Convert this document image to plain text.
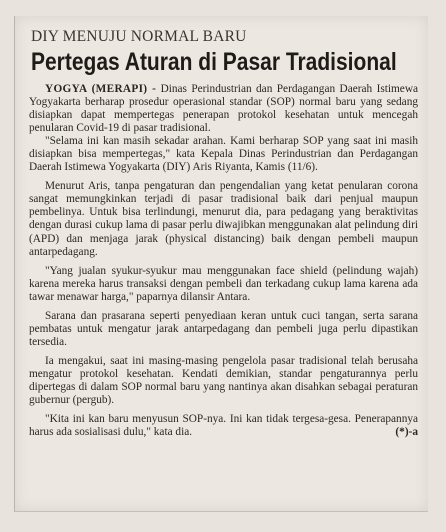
DIY MENUJU NORMAL BARU
Pertegas Aturan di Pasar Tradisional

YOGYA (MERAPI) - Dinas Perindustrian dan Perdagangan Daerah Istimewa Yogyakarta berharap prosedur operasional standar (SOP) normal baru yang sedang disiapkan dapat mempertegas penerapan protokol kesehatan untuk mencegah penularan Covid-19 di pasar tradisional.

"Selama ini kan masih sekadar arahan. Kami berharap SOP yang saat ini masih disiapkan bisa mempertegas," kata Kepala Dinas Perindustrian dan Perdagangan Daerah Istimewa Yogyakarta (DIY) Aris Riyanta, Kamis (11/6).

Menurut Aris, tanpa pengaturan dan pengendalian yang ketat penularan corona sangat memungkinkan terjadi di pasar tradisional baik dari penjual maupun pembelinya. Untuk bisa terlindungi, menurut dia, para pedagang yang beraktivitas dengan durasi cukup lama di pasar perlu diwajibkan menggunakan alat pelindung diri (APD) dan menjaga jarak (physical distancing) baik dengan pembeli maupun antarpedagang.

"Yang jualan syukur-syukur mau menggunakan face shield (pelindung wajah) karena mereka harus transaksi dengan pembeli dan terkadang cukup lama karena ada tawar menawar harga," paparnya dilansir Antara.

Sarana dan prasarana seperti penyediaan keran untuk cuci tangan, serta sarana pembatas untuk mengatur jarak antarpedagang dan pembeli juga perlu dipastikan tersedia.

Ia mengakui, saat ini masing-masing pengelola pasar tradisional telah berusaha mengatur protokol kesehatan. Kendati demikian, standar pengaturannya perlu dipertegas di dalam SOP normal baru yang nantinya akan disahkan sebagai peraturan gubernur (pergub).

"Kita ini kan baru menyusun SOP-nya. Ini kan tidak tergesa-gesa. Penerapannya harus ada sosialisasi dulu," kata dia.	(*)-a
